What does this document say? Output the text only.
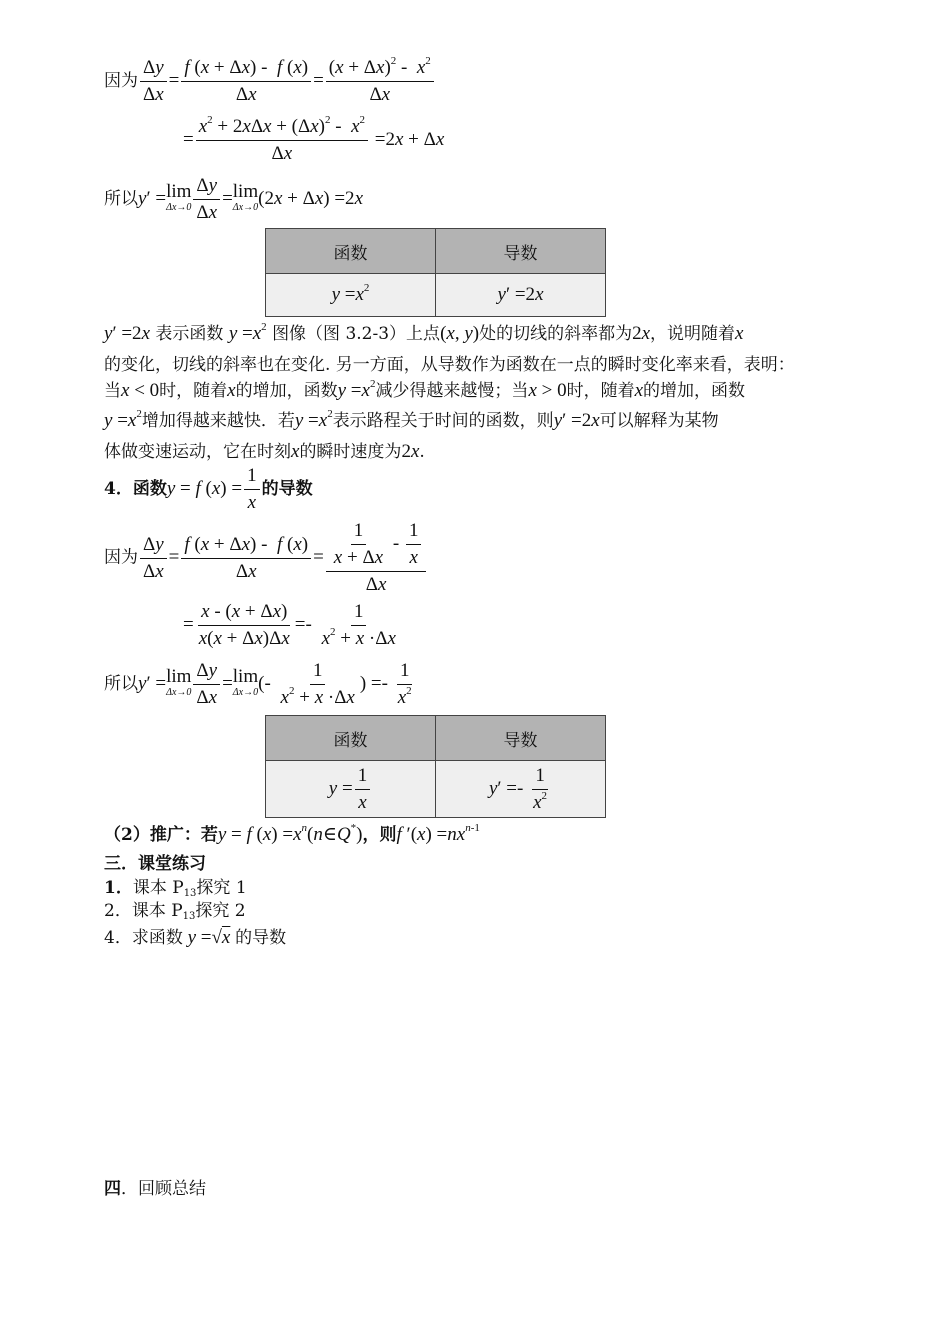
因为 $\frac{\Delta y}{\Delta x} = \frac{f (x + \Delta x) - f (x)}{\Delta x} = \frac{(x + \Delta x)^2 - x^2}{\Delta x}$
= $\frac{x^2 + 2x\Delta x + (\Delta x)^2 - x^2}{\Delta x} =2x + \Delta x$
所以y′ = lim
$\Delta x\to 0 \frac{\Delta y}{\Delta x} = \lim$
Δx→0 (2x + Δx) =2x
函数	导数
$y =x^2$	y′ =2x
y′ =2x 表示函数 $y =x^2$ 图像（图 3.2-3）上点(x, y)处的切线的斜率都为2x，说明随着x
的变化，切线的斜率也在变化. 另一方面，从导数作为函数在一点的瞬时变化率来看，表明：
当x < 0时，随着x的增加，函数$y =x^2$减少得越来越慢；当x > 0时，随着x的增加，函数
$y =x^2$增加得越来越快．若$y =x^2$表示路程关于时间的函数，则y′ =2x可以解释为某物
体做变速运动，它在时刻x的瞬时速度为2x.
4．函数y = f $(x) = \frac{1}{x}$ 的导数
因为 $\frac{\Delta y}{\Delta x} = \frac{f (x + \Delta x) - f (x)}{\Delta x} = \frac{\frac{1}{x + \Delta x} - \frac{1}{x}}{\Delta x}$
= $\frac{x - (x + \Delta x)}{x(x + \Delta x)\Delta x} =- \frac{1}{x^2 + x \cdot\Delta x}$
所以y′ = lim
$\Delta x\to 0 \frac{\Delta y}{\Delta x} = \lim$
Δx→0 (- $\frac{1}{x^2 + x \cdot\Delta x}$ ) =- $\frac{1}{x^2}$
函数	导数
$y = \frac{1}{x}$	$y' =- \frac{1}{x^2}$
（2）推广：若y = f $(x) =x^n(n\in Q^*)$，则f $'(x) =nx^{n-1}$
三．课堂练习
1．课本 $P_{13}$探究 1
2．课本 $P_{13}$探究 2
4．求函数 y =√x 的导数
四．回顾总结
